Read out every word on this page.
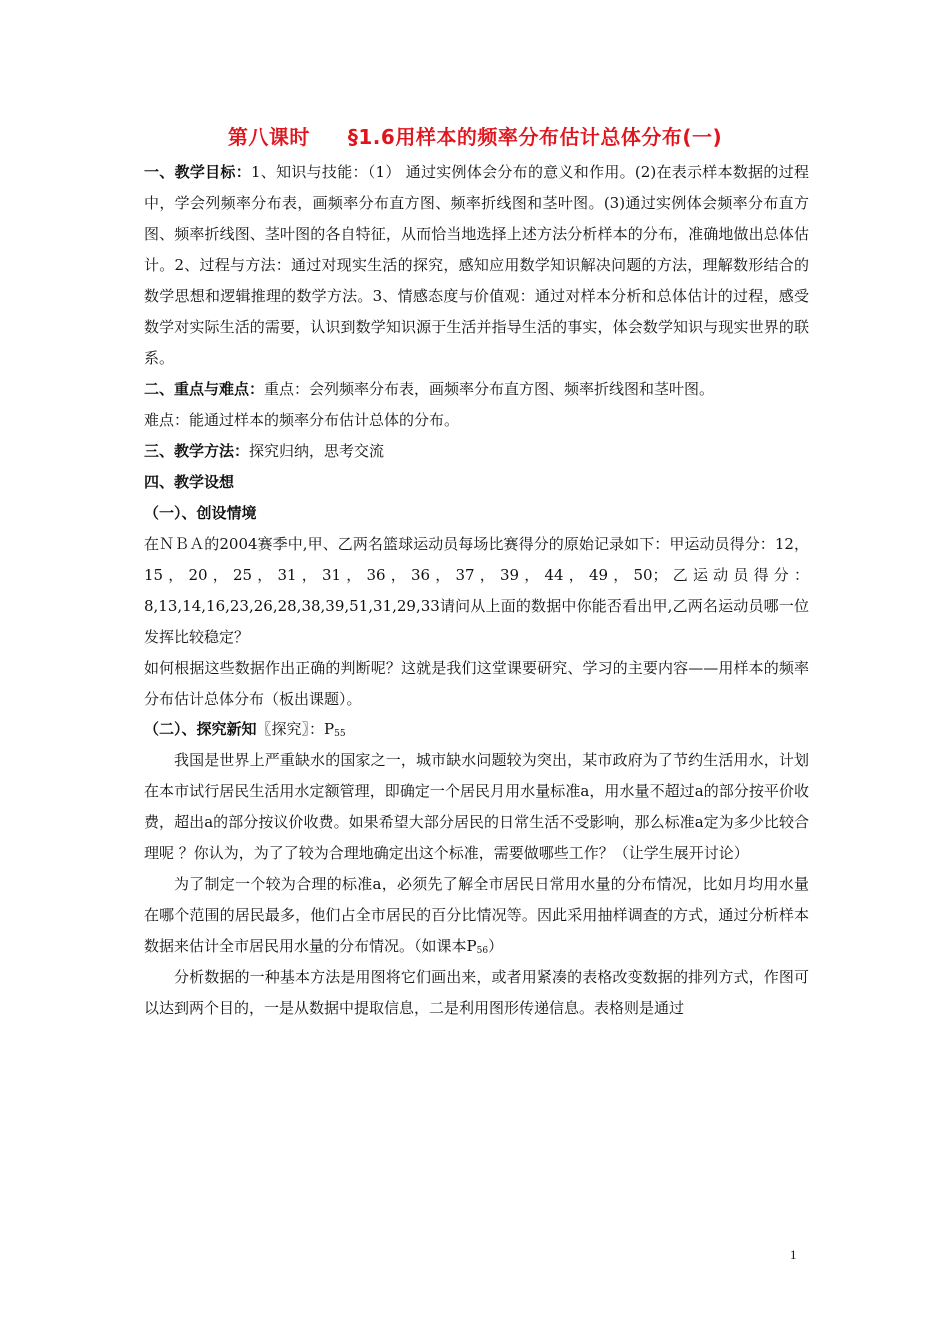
第八课时 §1.6用样本的频率分布估计总体分布(一)

一、教学目标：1、知识与技能：（1） 通过实例体会分布的意义和作用。(2)在表示样本数据的过程中，学会列频率分布表，画频率分布直方图、频率折线图和茎叶图。(3)通过实例体会频率分布直方图、频率折线图、茎叶图的各自特征，从而恰当地选择上述方法分析样本的分布，准确地做出总体估计。2、过程与方法：通过对现实生活的探究，感知应用数学知识解决问题的方法，理解数形结合的数学思想和逻辑推理的数学方法。3、情感态度与价值观：通过对样本分析和总体估计的过程，感受数学对实际生活的需要，认识到数学知识源于生活并指导生活的事实，体会数学知识与现实世界的联系。

二、重点与难点：重点：会列频率分布表，画频率分布直方图、频率折线图和茎叶图。

难点：能通过样本的频率分布估计总体的分布。

三、教学方法：探究归纳，思考交流

四、教学设想

（一）、创设情境

在ＮＢＡ的2004赛季中,甲、乙两名篮球运动员每场比赛得分的原始记录如下：甲运动员得分：12，15，20，25，31，31，36，36，37，39，44，49，50；乙运动员得分：8,13,14,16,23,26,28,38,39,51,31,29,33请问从上面的数据中你能否看出甲,乙两名运动员哪一位发挥比较稳定？

如何根据这些数据作出正确的判断呢？这就是我们这堂课要研究、学习的主要内容——用样本的频率分布估计总体分布（板出课题）。

（二）、探究新知〖探究〗：$P_{55}$

我国是世界上严重缺水的国家之一，城市缺水问题较为突出，某市政府为了节约生活用水，计划在本市试行居民生活用水定额管理，即确定一个居民月用水量标准a，用水量不超过a的部分按平价收费，超出a的部分按议价收费。如果希望大部分居民的日常生活不受影响，那么标准a定为多少比较合理呢 ？你认为，为了了较为合理地确定出这个标准，需要做哪些工作？（让学生展开讨论）

为了制定一个较为合理的标准a，必须先了解全市居民日常用水量的分布情况，比如月均用水量在哪个范围的居民最多，他们占全市居民的百分比情况等。因此采用抽样调查的方式，通过分析样本数据来估计全市居民用水量的分布情况。（如课本$P_{56}$）

分析数据的一种基本方法是用图将它们画出来，或者用紧凑的表格改变数据的排列方式，作图可以达到两个目的，一是从数据中提取信息，二是利用图形传递信息。表格则是通过

1
